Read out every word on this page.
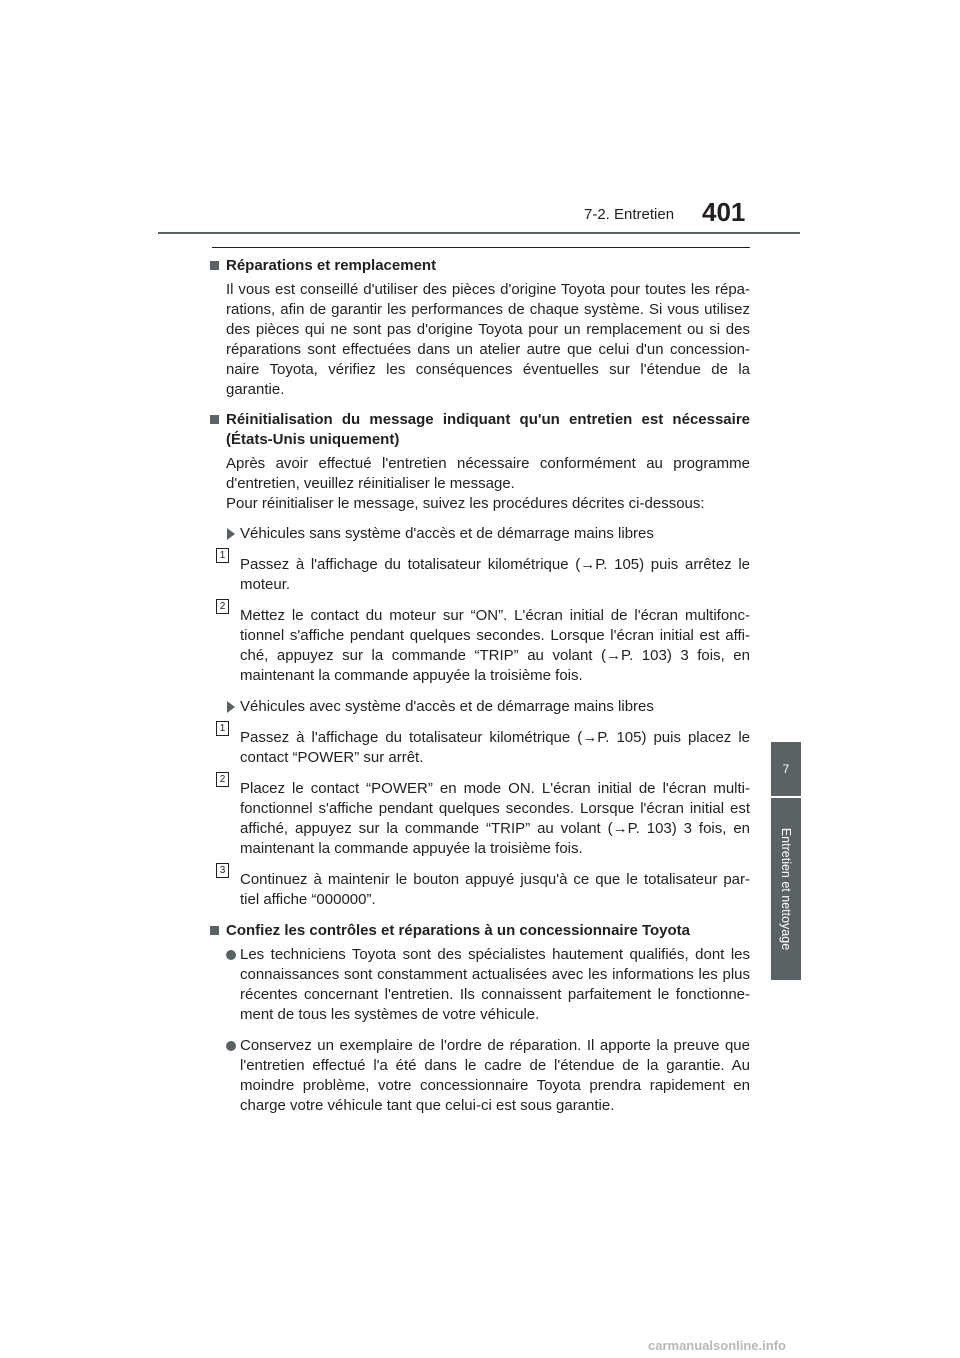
7-2. Entretien 401
7
Entretien et nettoyage
Réparations et remplacement
Il vous est conseillé d'utiliser des pièces d'origine Toyota pour toutes les répa- rations, afin de garantir les performances de chaque système. Si vous utilisez des pièces qui ne sont pas d'origine Toyota pour un remplacement ou si des réparations sont effectuées dans un atelier autre que celui d'un concession- naire Toyota, vérifiez les conséquences éventuelles sur l'étendue de la garantie.
Réinitialisation du message indiquant qu'un entretien est nécessaire (États-Unis uniquement)
Après avoir effectué l'entretien nécessaire conformément au programme d'entretien, veuillez réinitialiser le message.
Pour réinitialiser le message, suivez les procédures décrites ci-dessous:
Véhicules sans système d'accès et de démarrage mains libres
1
Passez à l'affichage du totalisateur kilométrique (→P. 105) puis arrêtez le moteur.
2
Mettez le contact du moteur sur “ON”. L'écran initial de l'écran multifonc- tionnel s'affiche pendant quelques secondes. Lorsque l'écran initial est affi- ché, appuyez sur la commande “TRIP” au volant (→P. 103) 3 fois, en maintenant la commande appuyée la troisième fois.
Véhicules avec système d'accès et de démarrage mains libres
1
Passez à l'affichage du totalisateur kilométrique (→P. 105) puis placez le contact “POWER” sur arrêt.
2
Placez le contact “POWER” en mode ON. L'écran initial de l'écran multi- fonctionnel s'affiche pendant quelques secondes. Lorsque l'écran initial est affiché, appuyez sur la commande “TRIP” au volant (→P. 103) 3 fois, en maintenant la commande appuyée la troisième fois.
3
Continuez à maintenir le bouton appuyé jusqu'à ce que le totalisateur par- tiel affiche “000000”.
Confiez les contrôles et réparations à un concessionnaire Toyota
Les techniciens Toyota sont des spécialistes hautement qualifiés, dont les connaissances sont constamment actualisées avec les informations les plus récentes concernant l'entretien. Ils connaissent parfaitement le fonctionne- ment de tous les systèmes de votre véhicule.
Conservez un exemplaire de l'ordre de réparation. Il apporte la preuve que l'entretien effectué l'a été dans le cadre de l'étendue de la garantie. Au moindre problème, votre concessionnaire Toyota prendra rapidement en charge votre véhicule tant que celui-ci est sous garantie.
carmanualsonline.info
